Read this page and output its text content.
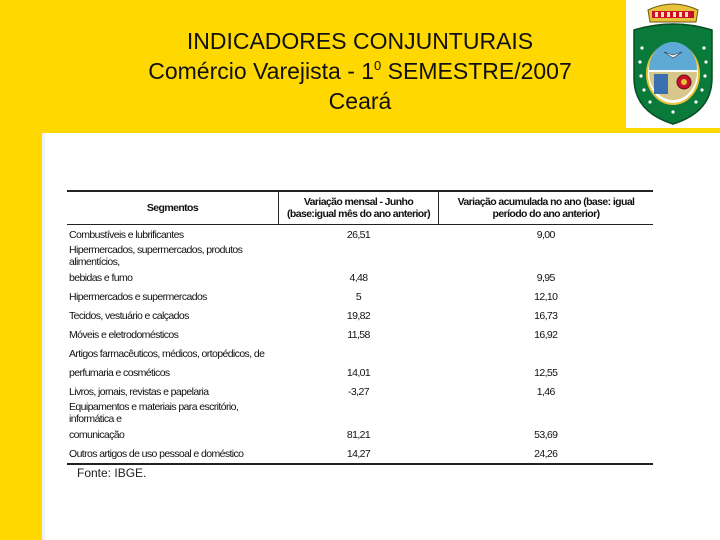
INDICADORES CONJUNTURAIS
Comércio Varejista - $1^0$ SEMESTRE/2007
Ceará
Segmentos	Variação mensal - Junho (base:igual mês do ano anterior)	Variação acumulada no ano (base: igual período do ano anterior)
Combustíveis e lubrificantes	26,51	9,00
Hipermercados, supermercados, produtos alimentícios,		
bebidas e fumo	4,48	9,95
Hipermercados e supermercados	5	12,10
Tecidos, vestuário e calçados	19,82	16,73
Móveis e eletrodomésticos	11,58	16,92
Artigos farmacêuticos, médicos, ortopédicos, de		
perfumaria e cosméticos	14,01	12,55
Livros, jornais, revistas e papelaria	-3,27	1,46
Equipamentos e materiais para escritório, informática e		
comunicação	81,21	53,69
Outros artigos de uso pessoal e doméstico	14,27	24,26
Fonte: IBGE.
